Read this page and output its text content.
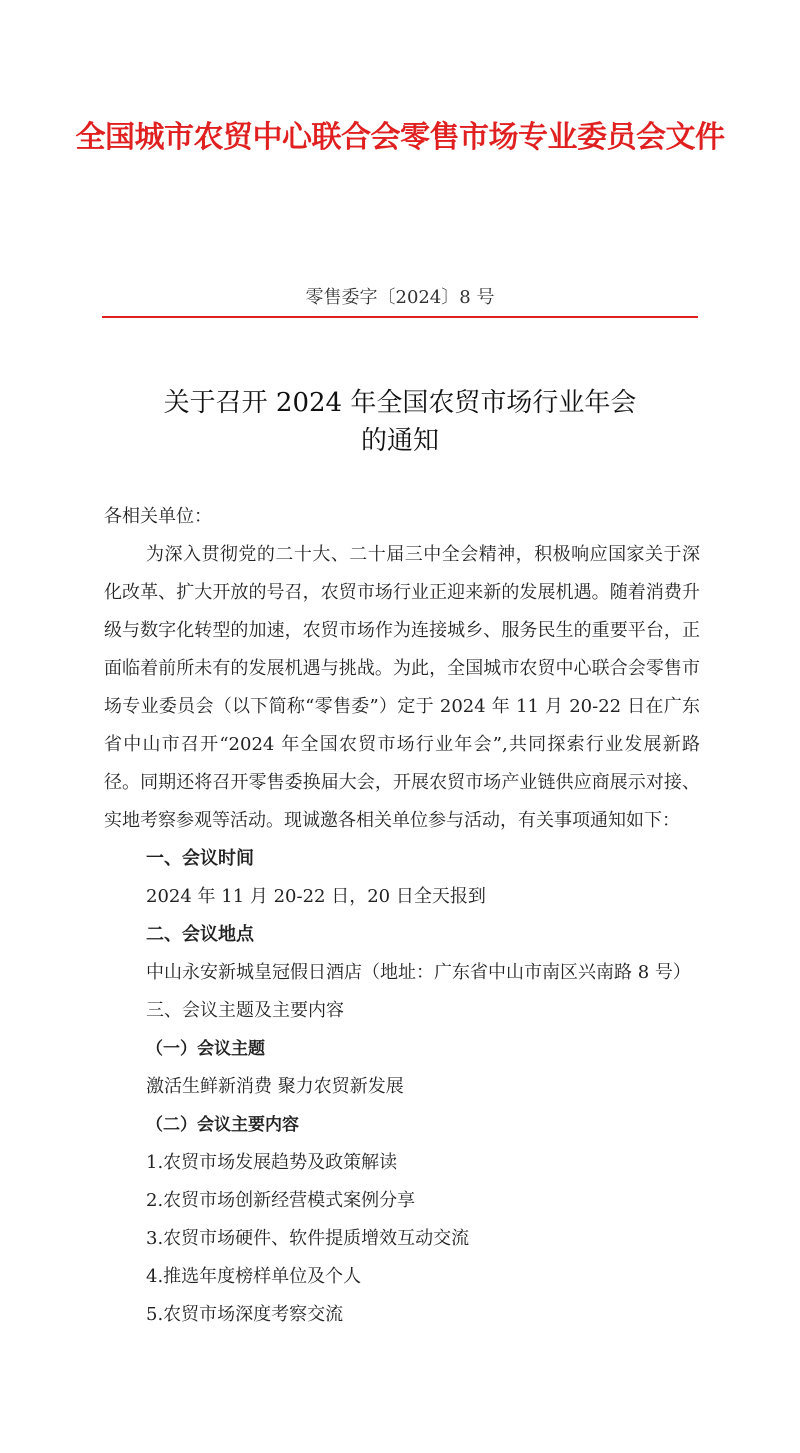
全国城市农贸中心联合会零售市场专业委员会文件
零售委字〔2024〕8 号
关于召开 2024 年全国农贸市场行业年会
的通知

各相关单位：

为深入贯彻党的二十大、二十届三中全会精神，积极响应国家关于深化改革、扩大开放的号召，农贸市场行业正迎来新的发展机遇。随着消费升级与数字化转型的加速，农贸市场作为连接城乡、服务民生的重要平台，正面临着前所未有的发展机遇与挑战。为此，全国城市农贸中心联合会零售市场专业委员会（以下简称“零售委”）定于 2024 年 11 月 20-22 日在广东省中山市召开“2024 年全国农贸市场行业年会”,共同探索行业发展新路径。同期还将召开零售委换届大会，开展农贸市场产业链供应商展示对接、实地考察参观等活动。现诚邀各相关单位参与活动，有关事项通知如下：

一、会议时间

2024 年 11 月 20-22 日，20 日全天报到

二、会议地点

中山永安新城皇冠假日酒店（地址：广东省中山市南区兴南路 8 号）

三、会议主题及主要内容

（一）会议主题

激活生鲜新消费 聚力农贸新发展

（二）会议主要内容

1.农贸市场发展趋势及政策解读

2.农贸市场创新经营模式案例分享

3.农贸市场硬件、软件提质增效互动交流

4.推选年度榜样单位及个人

5.农贸市场深度考察交流
